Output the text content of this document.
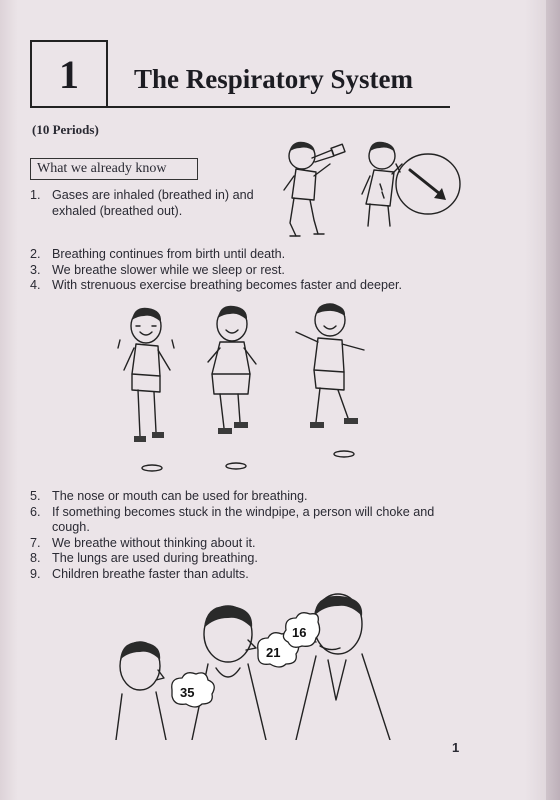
1 The Respiratory System
(10 Periods)
What we already know
1. Gases are inhaled (breathed in) and exhaled (breathed out).
2. Breathing continues from birth until death.
3. We breathe slower while we sleep or rest.
4. With strenuous exercise breathing becomes faster and deeper.
5. The nose or mouth can be used for breathing.
6. If something becomes stuck in the windpipe, a person will choke and cough.
7. We breathe without thinking about it.
8. The lungs are used during breathing.
9. Children breathe faster than adults.
35
21
16
1
